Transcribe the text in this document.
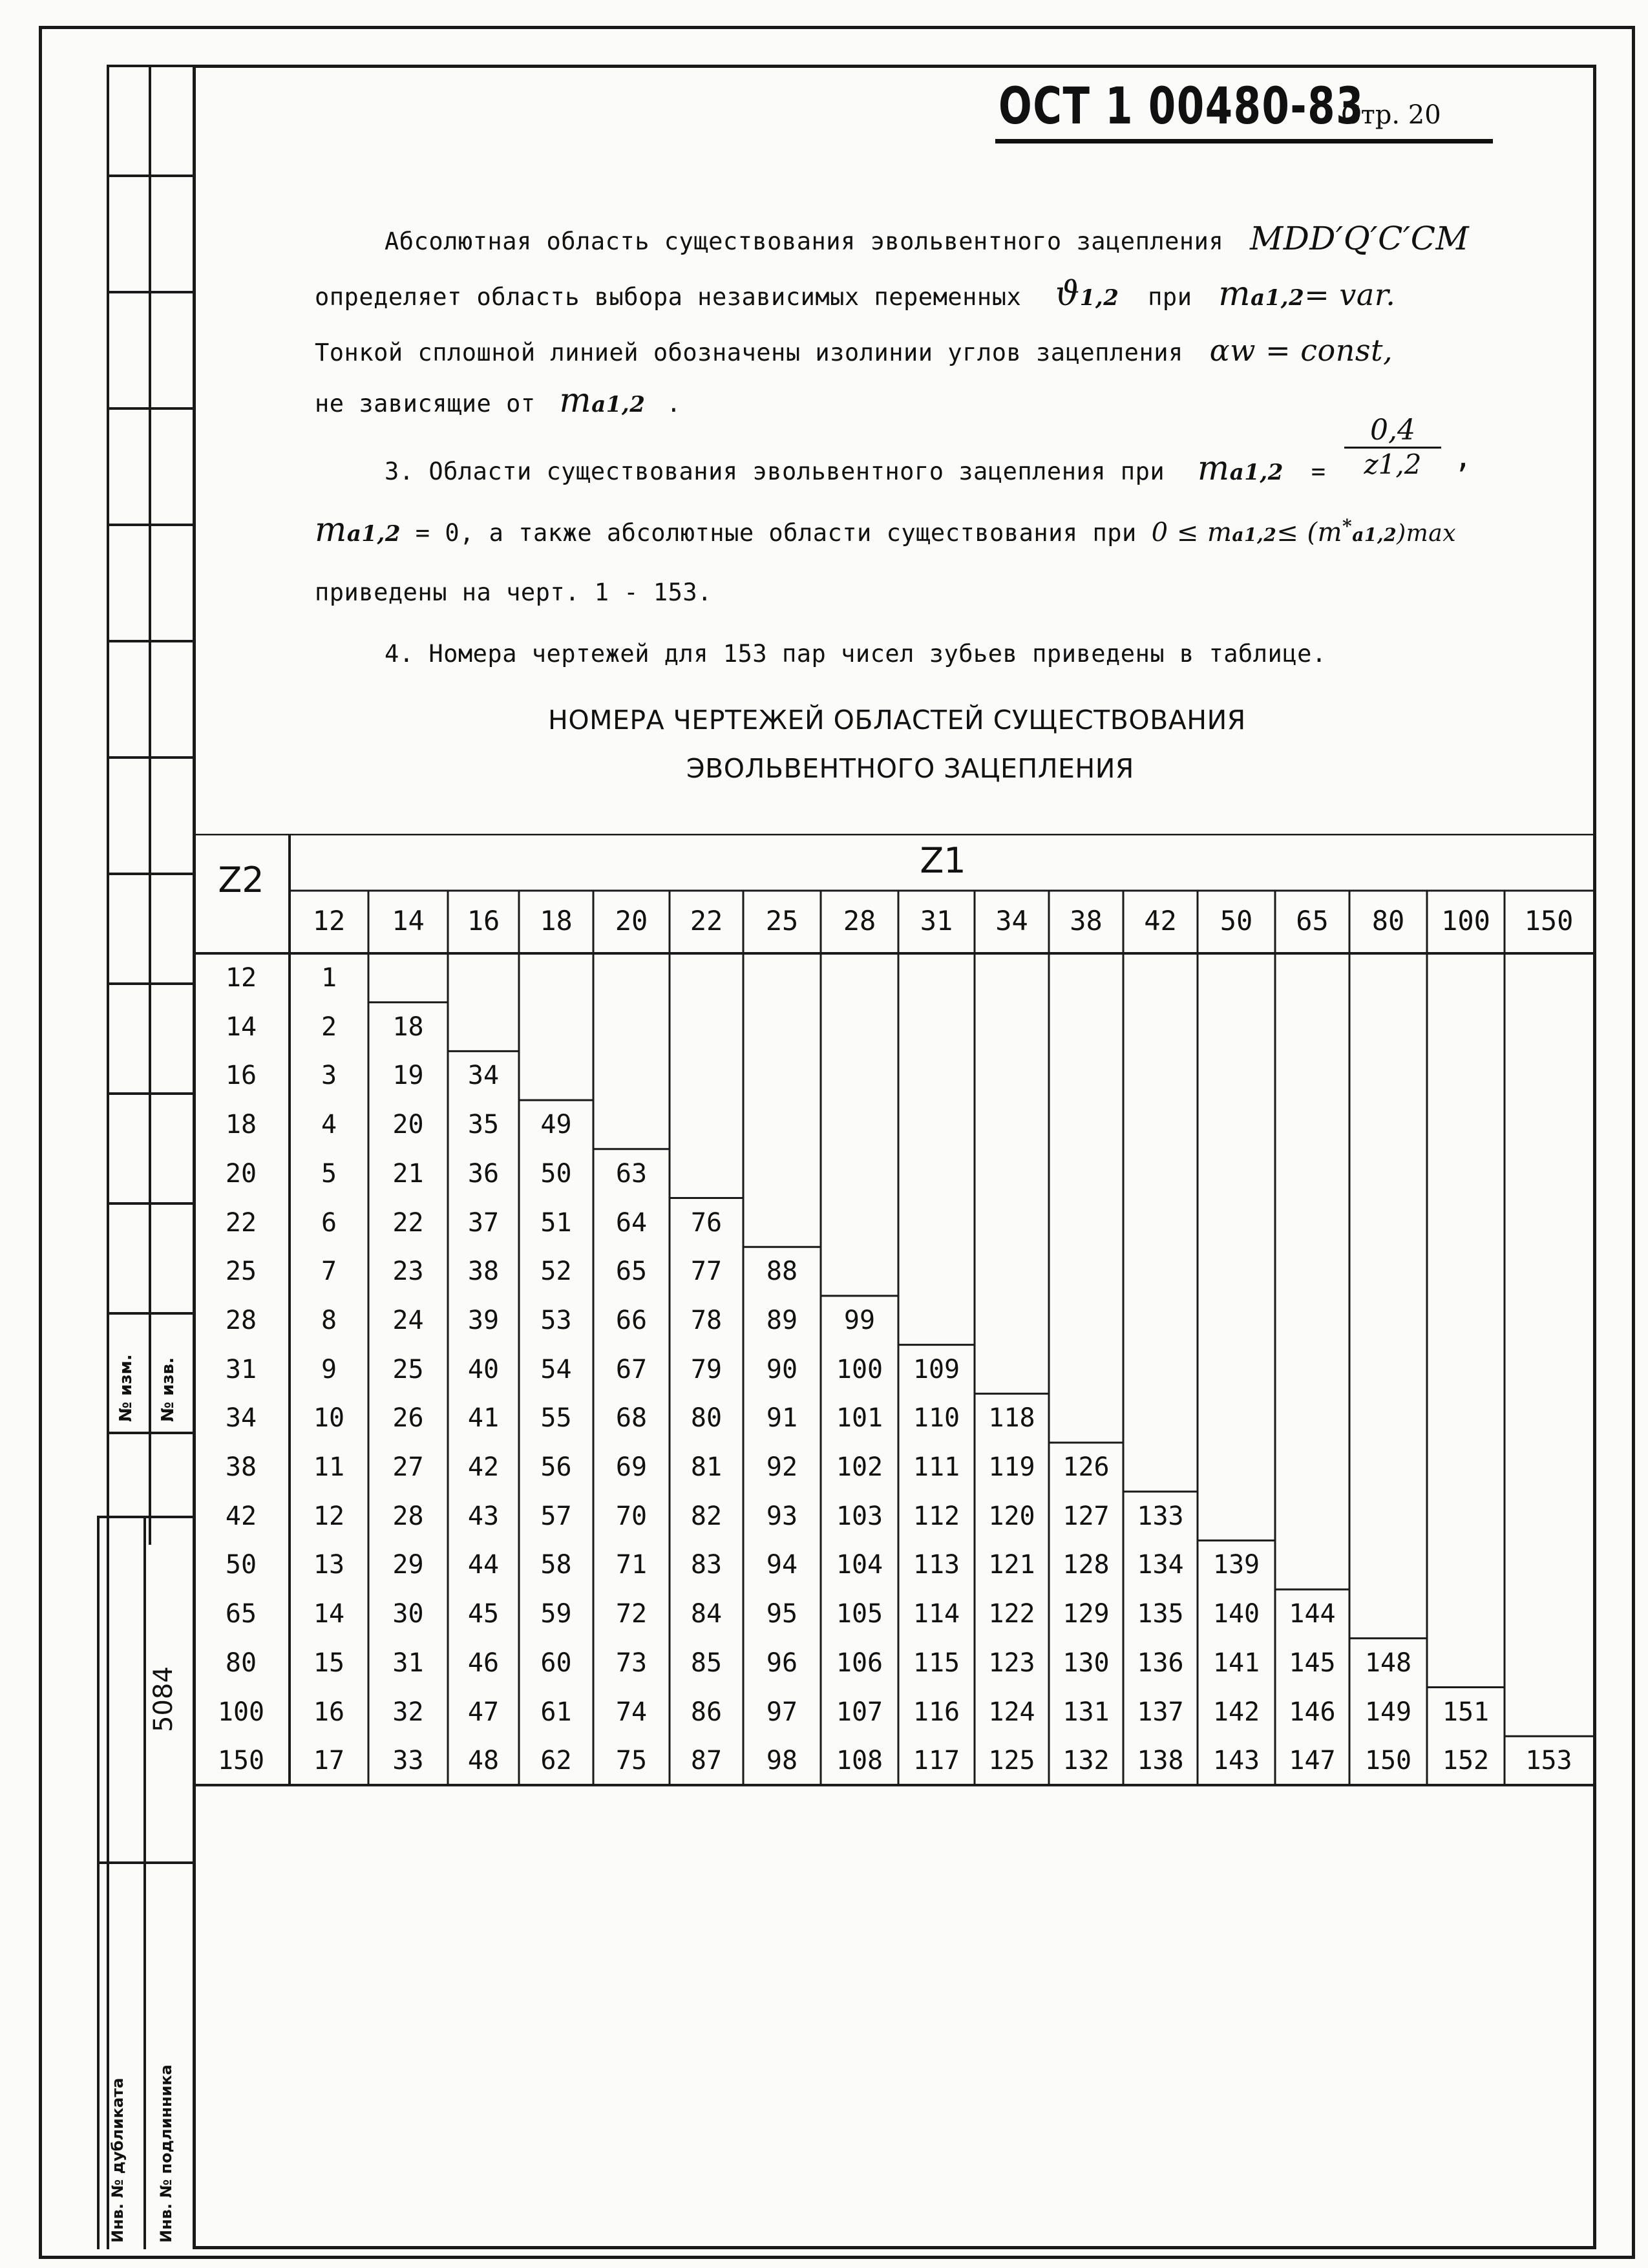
№ изм. № изв.
5084
Инв. № дубликата Инв. № подлинника
ОСТ 1 00480-83
Стр. 20
Абсолютная область существования эвольвентного зацепления MDD′Q′C′CM
определяет область выбора независимых переменных ϑ1,2 при ma1,2= var.
Тонкой сплошной линией обозначены изолинии углов зацепления αw = const,
не зависящие от ma1,2 .
3. Области существования эвольвентного зацепления при $ma1,2 = \frac{0,4}{z1,2}$ ,
ma1,2 = 0, а также абсолютные области существования при 0 ≤ ma1,2≤ (m*a1,2)max
приведены на черт. 1 - 153.
4. Номера чертежей для 153 пар чисел зубьев приведены в таблице.
НОМЕРА ЧЕРТЕЖЕЙ ОБЛАСТЕЙ СУЩЕСТВОВАНИЯ
ЭВОЛЬВЕНТНОГО ЗАЦЕПЛЕНИЯ
Z2	Z1
12	14	16	18	20	22	25	28	31	34	38	42	50	65	80	100	150
12	1
14	2	18
16	3	19	34
18	4	20	35	49
20	5	21	36	50	63
22	6	22	37	51	64	76
25	7	23	38	52	65	77	88
28	8	24	39	53	66	78	89	99
31	9	25	40	54	67	79	90	100	109
34	10	26	41	55	68	80	91	101	110	118
38	11	27	42	56	69	81	92	102	111	119	126
42	12	28	43	57	70	82	93	103	112	120	127	133
50	13	29	44	58	71	83	94	104	113	121	128	134	139
65	14	30	45	59	72	84	95	105	114	122	129	135	140	144
80	15	31	46	60	73	85	96	106	115	123	130	136	141	145	148
100	16	32	47	61	74	86	97	107	116	124	131	137	142	146	149	151
150	17	33	48	62	75	87	98	108	117	125	132	138	143	147	150	152	153
